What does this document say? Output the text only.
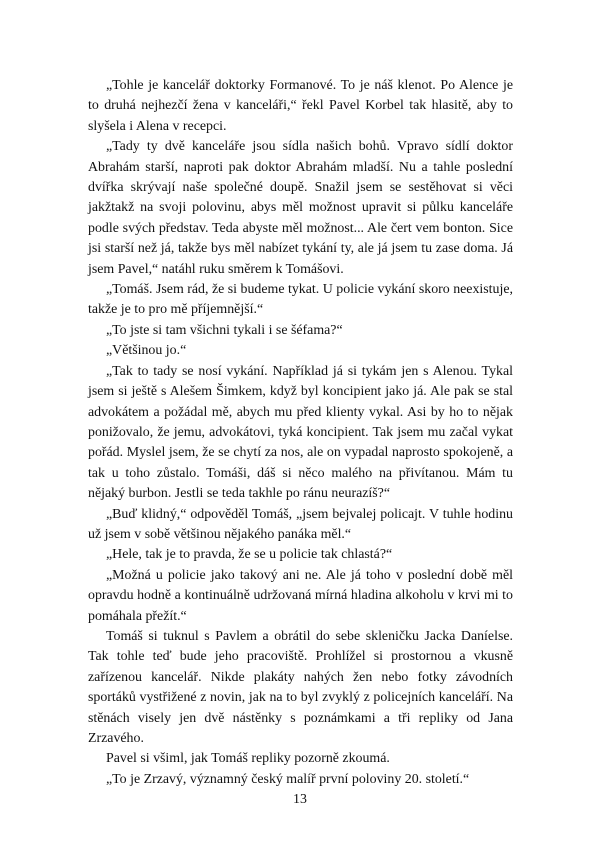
„Tohle je kancelář doktorky Formanové. To je náš klenot. Po Alence je to druhá nejhezčí žena v kanceláři,“ řekl Pavel Korbel tak hlasitě, aby to slyšela i Alena v recepci.

„Tady ty dvě kanceláře jsou sídla našich bohů. Vpravo sídlí doktor Abrahám starší, naproti pak doktor Abrahám mladší. Nu a tahle poslední dvířka skrývají naše společné doupě. Snažil jsem se sestěhovat si věci jakžtakž na svoji polovinu, abys měl možnost upravit si půlku kanceláře podle svých představ. Teda abyste měl možnost... Ale čert vem bonton. Sice jsi starší než já, takže bys měl nabízet tykání ty, ale já jsem tu zase doma. Já jsem Pavel,“ natáhl ruku směrem k Tomášovi.

„Tomáš. Jsem rád, že si budeme tykat. U policie vykání skoro neexistuje, takže je to pro mě příjemnější.“

„To jste si tam všichni tykali i se šéfama?“

„Většinou jo.“

„Tak to tady se nosí vykání. Například já si tykám jen s Alenou. Tykal jsem si ještě s Alešem Šimkem, když byl koncipient jako já. Ale pak se stal advokátem a požádal mě, abych mu před klienty vykal. Asi by ho to nějak ponižovalo, že jemu, advokátovi, tyká koncipient. Tak jsem mu začal vykat pořád. Myslel jsem, že se chytí za nos, ale on vypadal naprosto spokojeně, a tak u toho zůstalo. Tomáši, dáš si něco malého na přivítanou. Mám tu nějaký burbon. Jestli se teda takhle po ránu neurazíš?“

„Buď klidný,“ odpověděl Tomáš, „jsem bejvalej policajt. V tuhle hodinu už jsem v sobě většinou nějakého panáka měl.“

„Hele, tak je to pravda, že se u policie tak chlastá?“

„Možná u policie jako takový ani ne. Ale já toho v poslední době měl opravdu hodně a kontinuálně udržovaná mírná hladina alkoholu v krvi mi to pomáhala přežít.“

Tomáš si tuknul s Pavlem a obrátil do sebe skleničku Jacka Daníelse. Tak tohle teď bude jeho pracoviště. Prohlížel si prostornou a vkusně zařízenou kancelář. Nikde plakáty nahých žen nebo fotky závodních sportáků vystřižené z novin, jak na to byl zvyklý z policejních kanceláří. Na stěnách visely jen dvě nástěnky s poznámkami a tři repliky od Jana Zrzavého.

Pavel si všiml, jak Tomáš repliky pozorně zkoumá.

„To je Zrzavý, významný český malíř první poloviny 20. století.“

13
